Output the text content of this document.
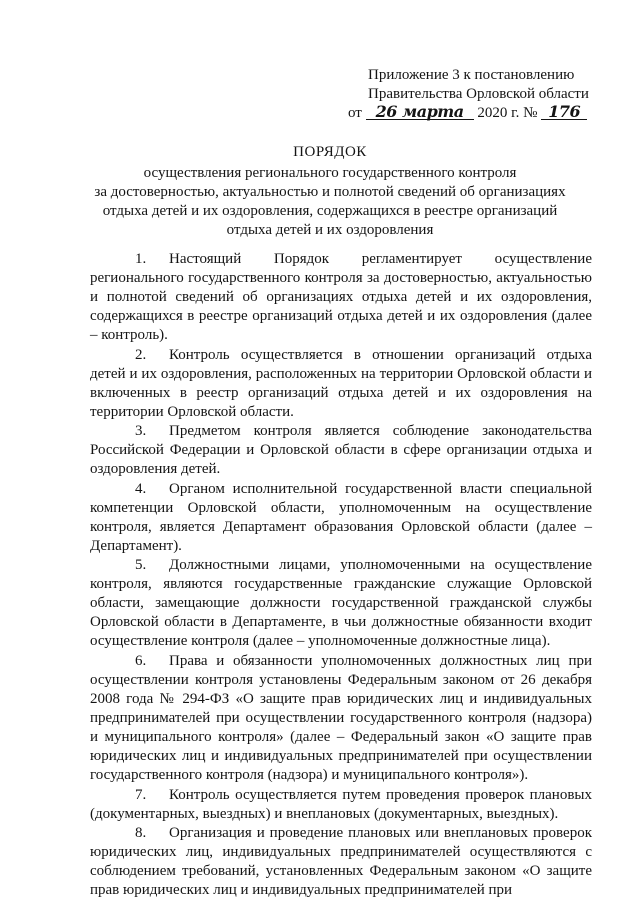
Приложение 3 к постановлению
Правительства Орловской области
от 26 марта 2020 г. № 176
ПОРЯДОК
осуществления регионального государственного контроля
за достоверностью, актуальностью и полнотой сведений об организациях
отдыха детей и их оздоровления, содержащихся в реестре организаций
отдыха детей и их оздоровления

1. Настоящий Порядок регламентирует осуществление регионального государственного контроля за достоверностью, актуальностью и полнотой сведений об организациях отдыха детей и их оздоровления, содержащихся в реестре организаций отдыха детей и их оздоровления (далее – контроль).

2. Контроль осуществляется в отношении организаций отдыха детей и их оздоровления, расположенных на территории Орловской области и включенных в реестр организаций отдыха детей и их оздоровления на территории Орловской области.

3. Предметом контроля является соблюдение законодательства Российской Федерации и Орловской области в сфере организации отдыха и оздоровления детей.

4. Органом исполнительной государственной власти специальной компетенции Орловской области, уполномоченным на осуществление контроля, является Департамент образования Орловской области (далее – Департамент).

5. Должностными лицами, уполномоченными на осуществление контроля, являются государственные гражданские служащие Орловской области, замещающие должности государственной гражданской службы Орловской области в Департаменте, в чьи должностные обязанности входит осуществление контроля (далее – уполномоченные должностные лица).

6. Права и обязанности уполномоченных должностных лиц при осуществлении контроля установлены Федеральным законом от 26 декабря 2008 года № 294-ФЗ «О защите прав юридических лиц и индивидуальных предпринимателей при осуществлении государственного контроля (надзора) и муниципального контроля» (далее – Федеральный закон «О защите прав юридических лиц и индивидуальных предпринимателей при осуществлении государственного контроля (надзора) и муниципального контроля»).

7. Контроль осуществляется путем проведения проверок плановых (документарных, выездных) и внеплановых (документарных, выездных).

8. Организация и проведение плановых или внеплановых проверок юридических лиц, индивидуальных предпринимателей осуществляются с соблюдением требований, установленных Федеральным законом «О защите прав юридических лиц и индивидуальных предпринимателей при
